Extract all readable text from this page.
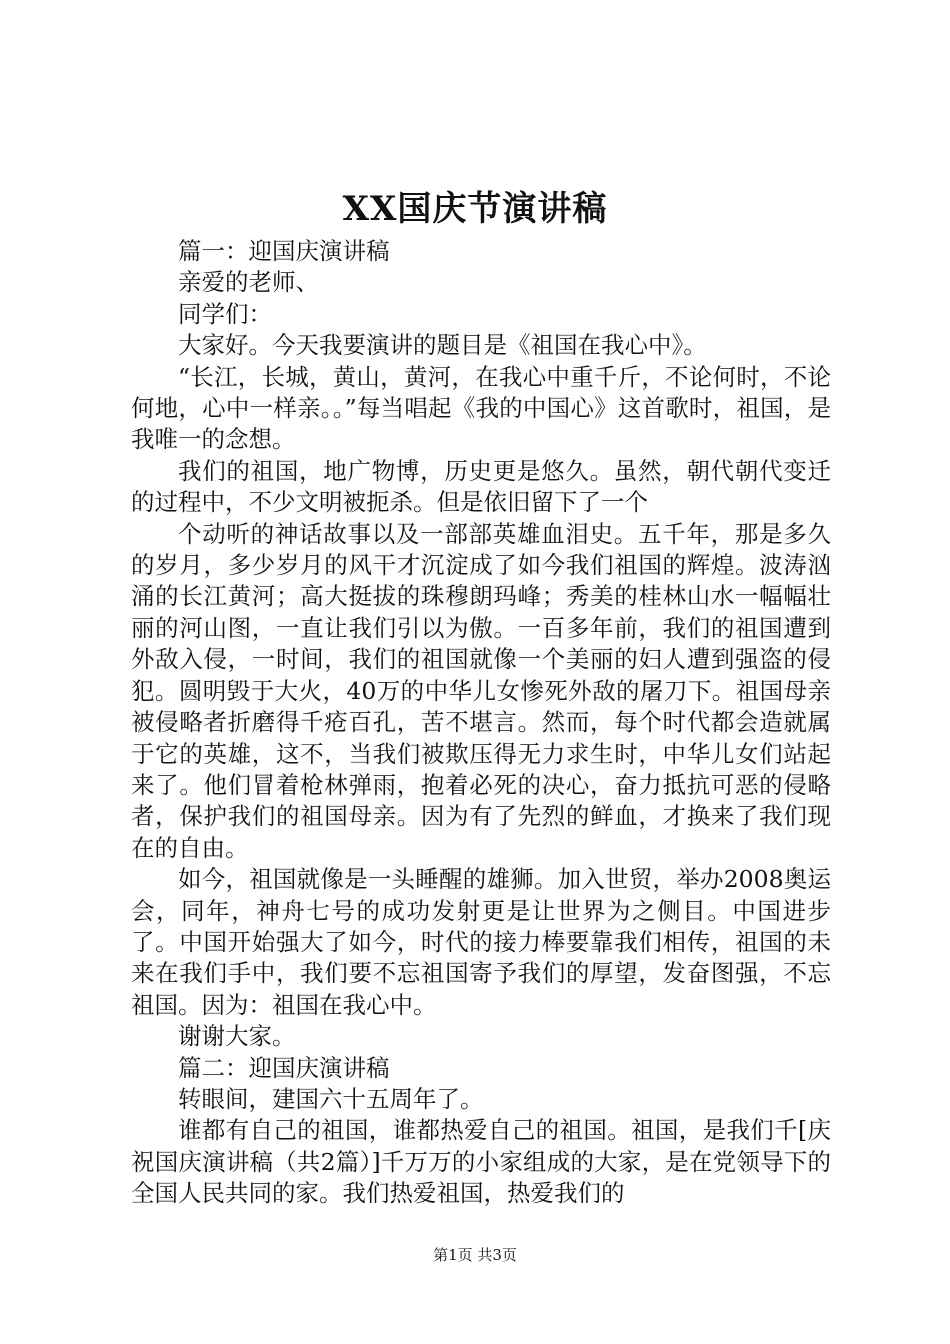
XX国庆节演讲稿

篇一：迎国庆演讲稿

亲爱的老师、

同学们：

大家好。今天我要演讲的题目是《祖国在我心中》。

“长江，长城，黄山，黄河，在我心中重千斤，不论何时，不论何地，心中一样亲。。”每当唱起《我的中国心》这首歌时，祖国，是我唯一的念想。

我们的祖国，地广物博，历史更是悠久。虽然，朝代朝代变迁的过程中，不少文明被扼杀。但是依旧留下了一个

个动听的神话故事以及一部部英雄血泪史。五千年，那是多久的岁月，多少岁月的风干才沉淀成了如今我们祖国的辉煌。波涛汹涌的长江黄河；高大挺拔的珠穆朗玛峰；秀美的桂林山水一幅幅壮丽的河山图，一直让我们引以为傲。一百多年前，我们的祖国遭到外敌入侵，一时间，我们的祖国就像一个美丽的妇人遭到强盗的侵犯。圆明毁于大火，40万的中华儿女惨死外敌的屠刀下。祖国母亲被侵略者折磨得千疮百孔，苦不堪言。然而，每个时代都会造就属于它的英雄，这不，当我们被欺压得无力求生时，中华儿女们站起来了。他们冒着枪林弹雨，抱着必死的决心，奋力抵抗可恶的侵略者，保护我们的祖国母亲。因为有了先烈的鲜血，才换来了我们现在的自由。

如今，祖国就像是一头睡醒的雄狮。加入世贸，举办2008奥运会，同年，神舟七号的成功发射更是让世界为之侧目。中国进步了。中国开始强大了如今，时代的接力棒要靠我们相传，祖国的未来在我们手中，我们要不忘祖国寄予我们的厚望，发奋图强，不忘祖国。因为：祖国在我心中。

谢谢大家。

篇二：迎国庆演讲稿

转眼间，建国六十五周年了。

谁都有自己的祖国，谁都热爱自己的祖国。祖国，是我们千[庆祝国庆演讲稿（共2篇）]千万万的小家组成的大家，是在党领导下的全国人民共同的家。我们热爱祖国，热爱我们的

第1页 共3页
